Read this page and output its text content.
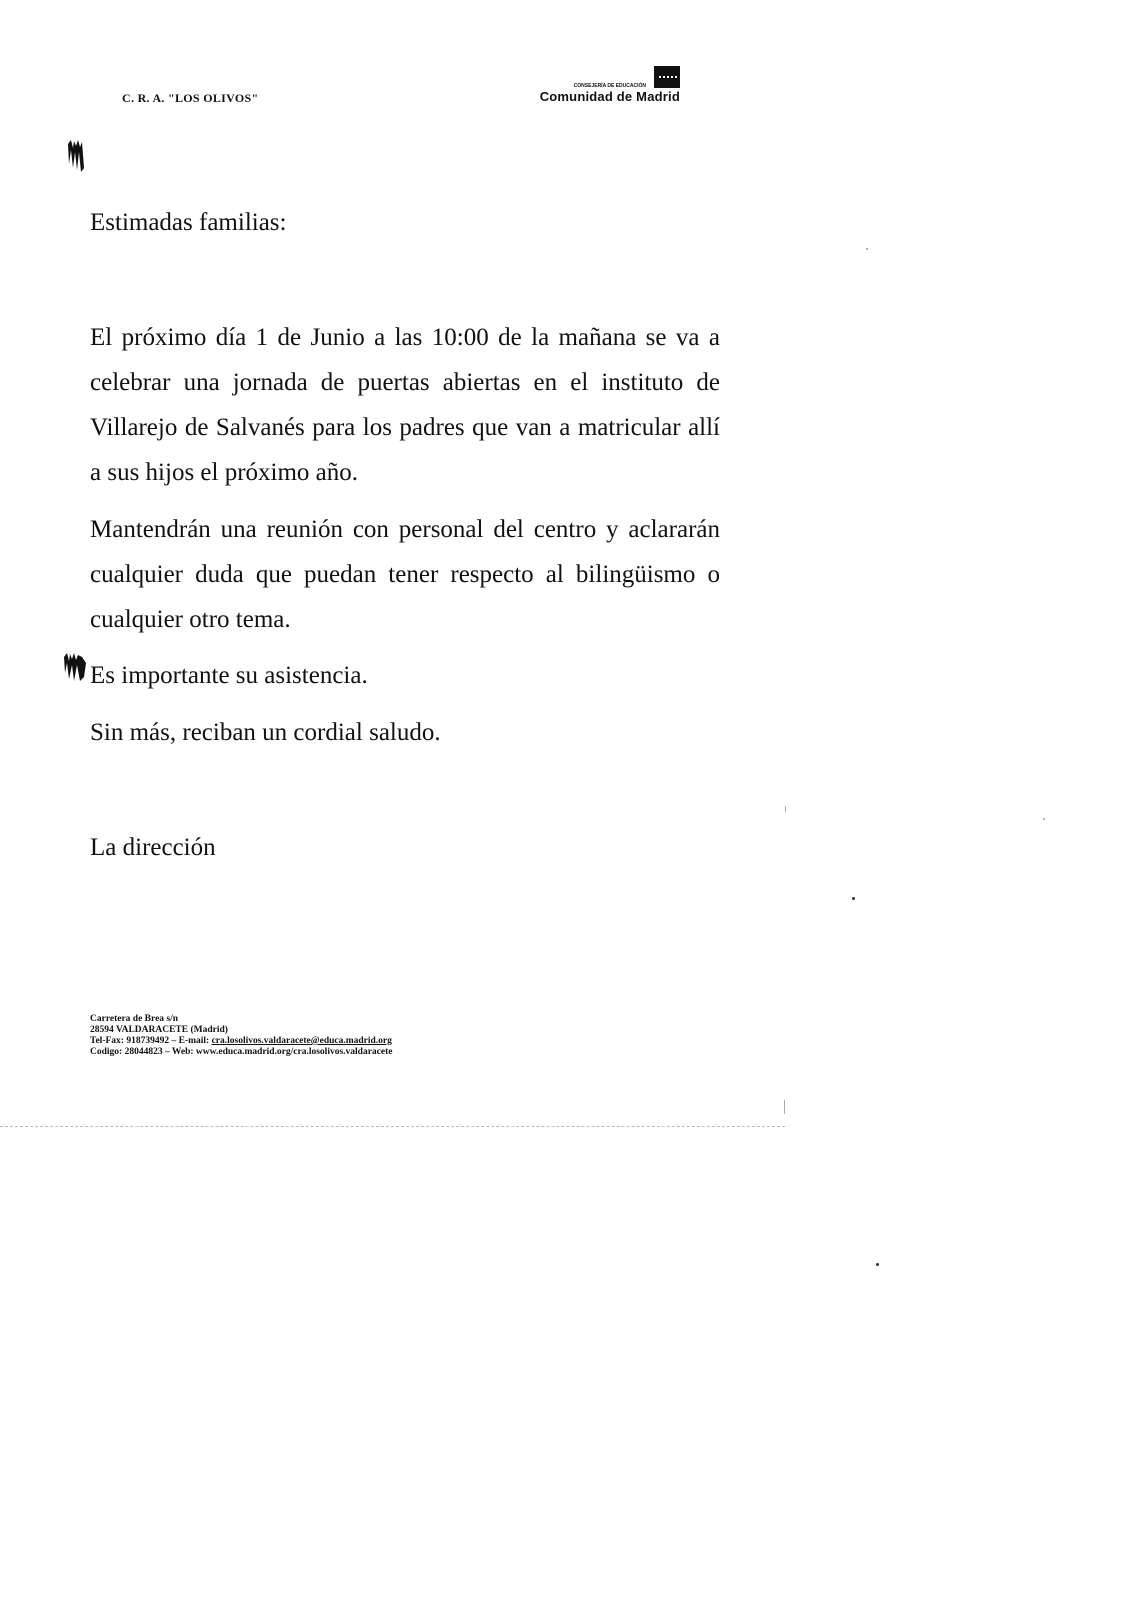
C. R. A. "LOS OLIVOS"
CONSEJERÍA DE EDUCACIÓN
Comunidad de Madrid

Estimadas familias:

El próximo día 1 de Junio a las 10:00 de la mañana se va a celebrar una jornada de puertas abiertas en el instituto de Villarejo de Salvanés para los padres que van a matricular allí a sus hijos el próximo año.

Mantendrán una reunión con personal del centro y aclararán cualquier duda que puedan tener respecto al bilingüismo o cualquier otro tema.

Es importante su asistencia.

Sin más, reciban un cordial saludo.

La dirección

Carretera de Brea s/n
28594 VALDARACETE (Madrid)
Tel-Fax: 918739492 – E-mail: cra.losolivos.valdaracete@educa.madrid.org
Codigo: 28044823 – Web: www.educa.madrid.org/cra.losolivos.valdaracete
